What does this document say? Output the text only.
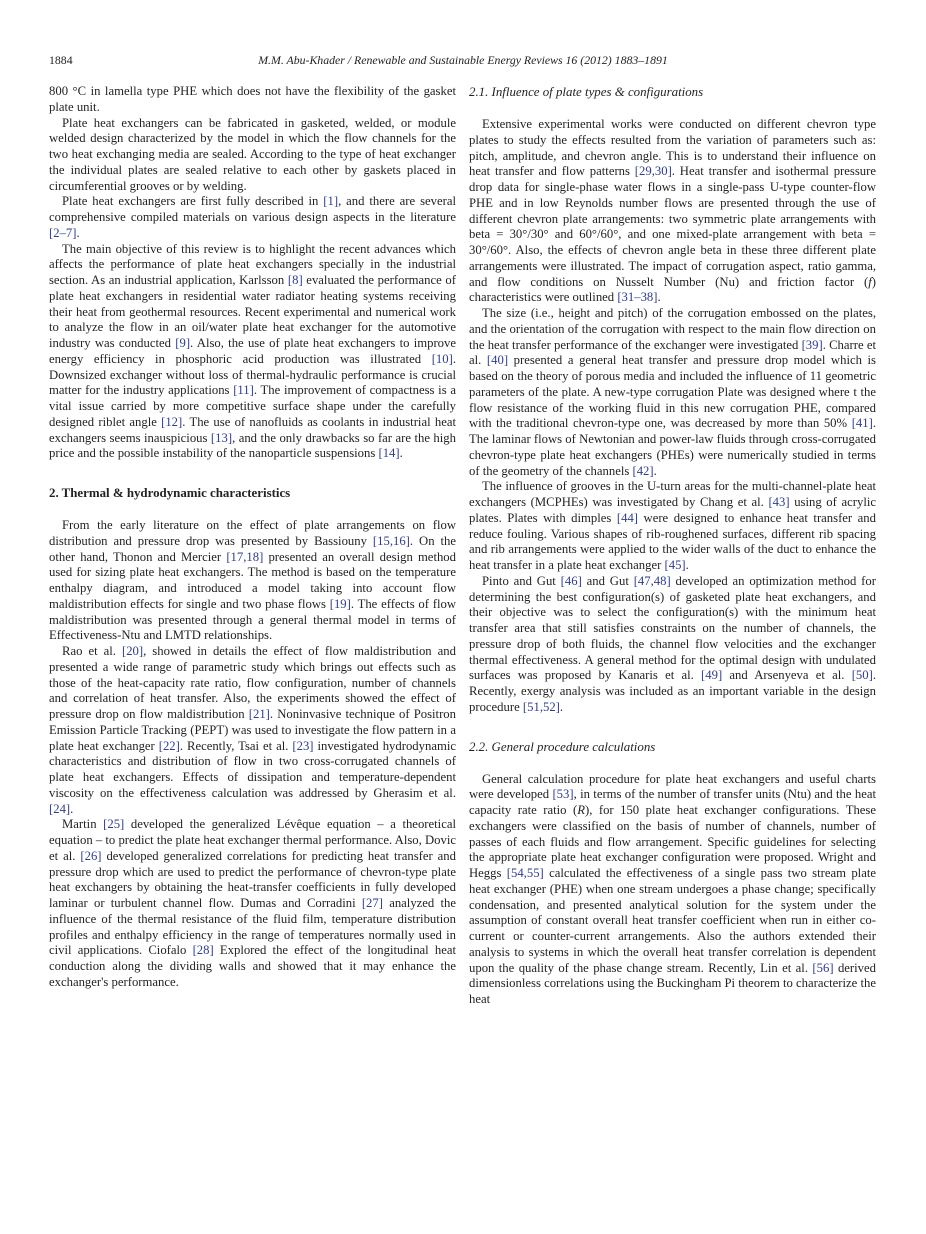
1884	M.M. Abu-Khader / Renewable and Sustainable Energy Reviews 16 (2012) 1883–1891

800 °C in lamella type PHE which does not have the flexibility of the gasket plate unit.

Plate heat exchangers can be fabricated in gasketed, welded, or module welded design characterized by the model in which the flow channels for the two heat exchanging media are sealed. According to the type of heat exchanger the individual plates are sealed relative to each other by gaskets placed in circumferential grooves or by welding.

Plate heat exchangers are first fully described in [1], and there are several comprehensive compiled materials on various design aspects in the literature [2–7].

The main objective of this review is to highlight the recent advances which affects the performance of plate heat exchangers specially in the industrial section. As an industrial application, Karlsson [8] evaluated the performance of plate heat exchangers in residential water radiator heating systems receiving their heat from geothermal resources. Recent experimental and numerical work to analyze the flow in an oil/water plate heat exchanger for the automotive industry was conducted [9]. Also, the use of plate heat exchangers to improve energy efficiency in phosphoric acid production was illustrated [10]. Downsized exchanger without loss of thermal-hydraulic performance is crucial matter for the industry applications [11]. The improvement of compactness is a vital issue carried by more competitive surface shape under the carefully designed riblet angle [12]. The use of nanofluids as coolants in industrial heat exchangers seems inauspicious [13], and the only drawbacks so far are the high price and the possible instability of the nanoparticle suspensions [14].

2. Thermal & hydrodynamic characteristics

From the early literature on the effect of plate arrangements on flow distribution and pressure drop was presented by Bassiouny [15,16]. On the other hand, Thonon and Mercier [17,18] presented an overall design method used for sizing plate heat exchangers. The method is based on the temperature enthalpy diagram, and introduced a model taking into account flow maldistribution effects for single and two phase flows [19]. The effects of flow maldistribution was presented through a general thermal model in terms of Effectiveness-Ntu and LMTD relationships.

Rao et al. [20], showed in details the effect of flow maldistribution and presented a wide range of parametric study which brings out effects such as those of the heat-capacity rate ratio, flow configuration, number of channels and correlation of heat transfer. Also, the experiments showed the effect of pressure drop on flow maldistribution [21]. Noninvasive technique of Positron Emission Particle Tracking (PEPT) was used to investigate the flow pattern in a plate heat exchanger [22]. Recently, Tsai et al. [23] investigated hydrodynamic characteristics and distribution of flow in two cross-corrugated channels of plate heat exchangers. Effects of dissipation and temperature-dependent viscosity on the effectiveness calculation was addressed by Gherasim et al. [24].

Martin [25] developed the generalized Lévêque equation – a theoretical equation – to predict the plate heat exchanger thermal performance. Also, Dovic et al. [26] developed generalized correlations for predicting heat transfer and pressure drop which are used to predict the performance of chevron-type plate heat exchangers by obtaining the heat-transfer coefficients in fully developed laminar or turbulent channel flow. Dumas and Corradini [27] analyzed the influence of the thermal resistance of the fluid film, temperature distribution profiles and enthalpy efficiency in the range of temperatures normally used in civil applications. Ciofalo [28] Explored the effect of the longitudinal heat conduction along the dividing walls and showed that it may enhance the exchanger's performance.

2.1. Influence of plate types & configurations

Extensive experimental works were conducted on different chevron type plates to study the effects resulted from the variation of parameters such as: pitch, amplitude, and chevron angle. This is to understand their influence on heat transfer and flow patterns [29,30]. Heat transfer and isothermal pressure drop data for single-phase water flows in a single-pass U-type counter-flow PHE and in low Reynolds number flows are presented through the use of different chevron plate arrangements: two symmetric plate arrangements with beta = 30°/30° and 60°/60°, and one mixed-plate arrangement with beta = 30°/60°. Also, the effects of chevron angle beta in these three different plate arrangements were illustrated. The impact of corrugation aspect, ratio gamma, and flow conditions on Nusselt Number (Nu) and friction factor (f) characteristics were outlined [31–38].

The size (i.e., height and pitch) of the corrugation embossed on the plates, and the orientation of the corrugation with respect to the main flow direction on the heat transfer performance of the exchanger were investigated [39]. Charre et al. [40] presented a general heat transfer and pressure drop model which is based on the theory of porous media and included the influence of 11 geometric parameters of the plate. A new-type corrugation Plate was designed where t the flow resistance of the working fluid in this new corrugation PHE, compared with the traditional chevron-type one, was decreased by more than 50% [41]. The laminar flows of Newtonian and power-law fluids through cross-corrugated chevron-type plate heat exchangers (PHEs) were numerically studied in terms of the geometry of the channels [42].

The influence of grooves in the U-turn areas for the multi-channel-plate heat exchangers (MCPHEs) was investigated by Chang et al. [43] using of acrylic plates. Plates with dimples [44] were designed to enhance heat transfer and reduce fouling. Various shapes of rib-roughened surfaces, different rib spacing and rib arrangements were applied to the wider walls of the duct to enhance the heat transfer in a plate heat exchanger [45].

Pinto and Gut [46] and Gut [47,48] developed an optimization method for determining the best configuration(s) of gasketed plate heat exchangers, and their objective was to select the configuration(s) with the minimum heat transfer area that still satisfies constraints on the number of channels, the pressure drop of both fluids, the channel flow velocities and the exchanger thermal effectiveness. A general method for the optimal design with undulated surfaces was proposed by Kanaris et al. [49] and Arsenyeva et al. [50]. Recently, exergy analysis was included as an important variable in the design procedure [51,52].

2.2. General procedure calculations

General calculation procedure for plate heat exchangers and useful charts were developed [53], in terms of the number of transfer units (Ntu) and the heat capacity rate ratio (R), for 150 plate heat exchanger configurations. These exchangers were classified on the basis of number of channels, number of passes of each fluids and flow arrangement. Specific guidelines for selecting the appropriate plate heat exchanger configuration were proposed. Wright and Heggs [54,55] calculated the effectiveness of a single pass two stream plate heat exchanger (PHE) when one stream undergoes a phase change; specifically condensation, and presented analytical solution for the system under the assumption of constant overall heat transfer coefficient when run in either co-current or counter-current arrangements. Also the authors extended their analysis to systems in which the overall heat transfer correlation is dependent upon the quality of the phase change stream. Recently, Lin et al. [56] derived dimensionless correlations using the Buckingham Pi theorem to characterize the heat
